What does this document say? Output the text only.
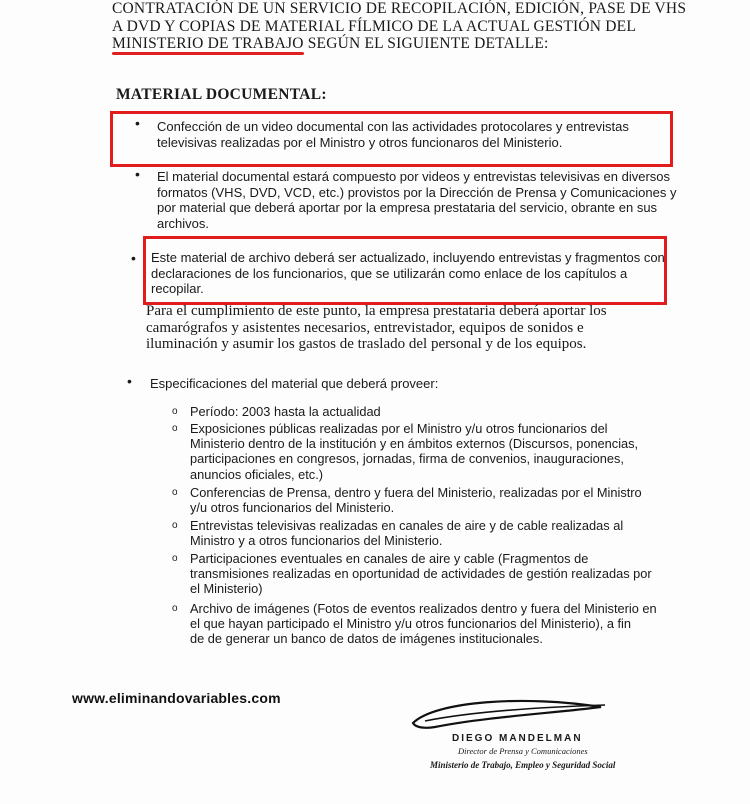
CONTRATACIÓN DE UN SERVICIO DE RECOPILACIÓN, EDICIÓN, PASE DE VHS
A DVD Y COPIAS DE MATERIAL FÍLMICO DE LA ACTUAL GESTIÓN DEL
MINISTERIO DE TRABAJO
SEGÚN EL SIGUIENTE DETALLE:
MATERIAL DOCUMENTAL:
• Confección de un video documental con las actividades protocolares y entrevistas
televisivas realizadas por el Ministro y otros funcionaros del Ministerio.
• El material documental estará compuesto por videos y entrevistas televisivas en diversos
formatos (VHS, DVD, VCD, etc.) provistos por la Dirección de Prensa y Comunicaciones y
por material que deberá aportar por la empresa prestataria del servicio, obrante en sus
archivos.
• Este material de archivo deberá ser actualizado, incluyendo entrevistas y fragmentos con
declaraciones de los funcionarios, que se utilizarán como enlace de los capítulos a
recopilar.
Para el cumplimiento de este punto, la empresa prestataria deberá aportar los
camarógrafos y asistentes necesarios, entrevistador, equipos de sonidos e
iluminación y asumir los gastos de traslado del personal y de los equipos.
• Especificaciones del material que deberá proveer:
o Período: 2003 hasta la actualidad
o Exposiciones públicas realizadas por el Ministro y/u otros funcionarios del
Ministerio dentro de la institución y en ámbitos externos (Discursos, ponencias,
participaciones en congresos, jornadas, firma de convenios, inauguraciones,
anuncios oficiales, etc.)
o Conferencias de Prensa, dentro y fuera del Ministerio, realizadas por el Ministro
y/u otros funcionarios del Ministerio.
o Entrevistas televisivas realizadas en canales de aire y de cable realizadas al
Ministro y a otros funcionarios del Ministerio.
o Participaciones eventuales en canales de aire y cable (Fragmentos de
transmisiones realizadas en oportunidad de actividades de gestión realizadas por
el Ministerio)
o Archivo de imágenes (Fotos de eventos realizados dentro y fuera del Ministerio en
el que hayan participado el Ministro y/u otros funcionarios del Ministerio), a fin
de de generar un banco de datos de imágenes institucionales.
www.eliminandovariables.com
DIEGO MANDELMAN
Director de Prensa y Comunicaciones
Ministerio de Trabajo, Empleo y Seguridad Social
